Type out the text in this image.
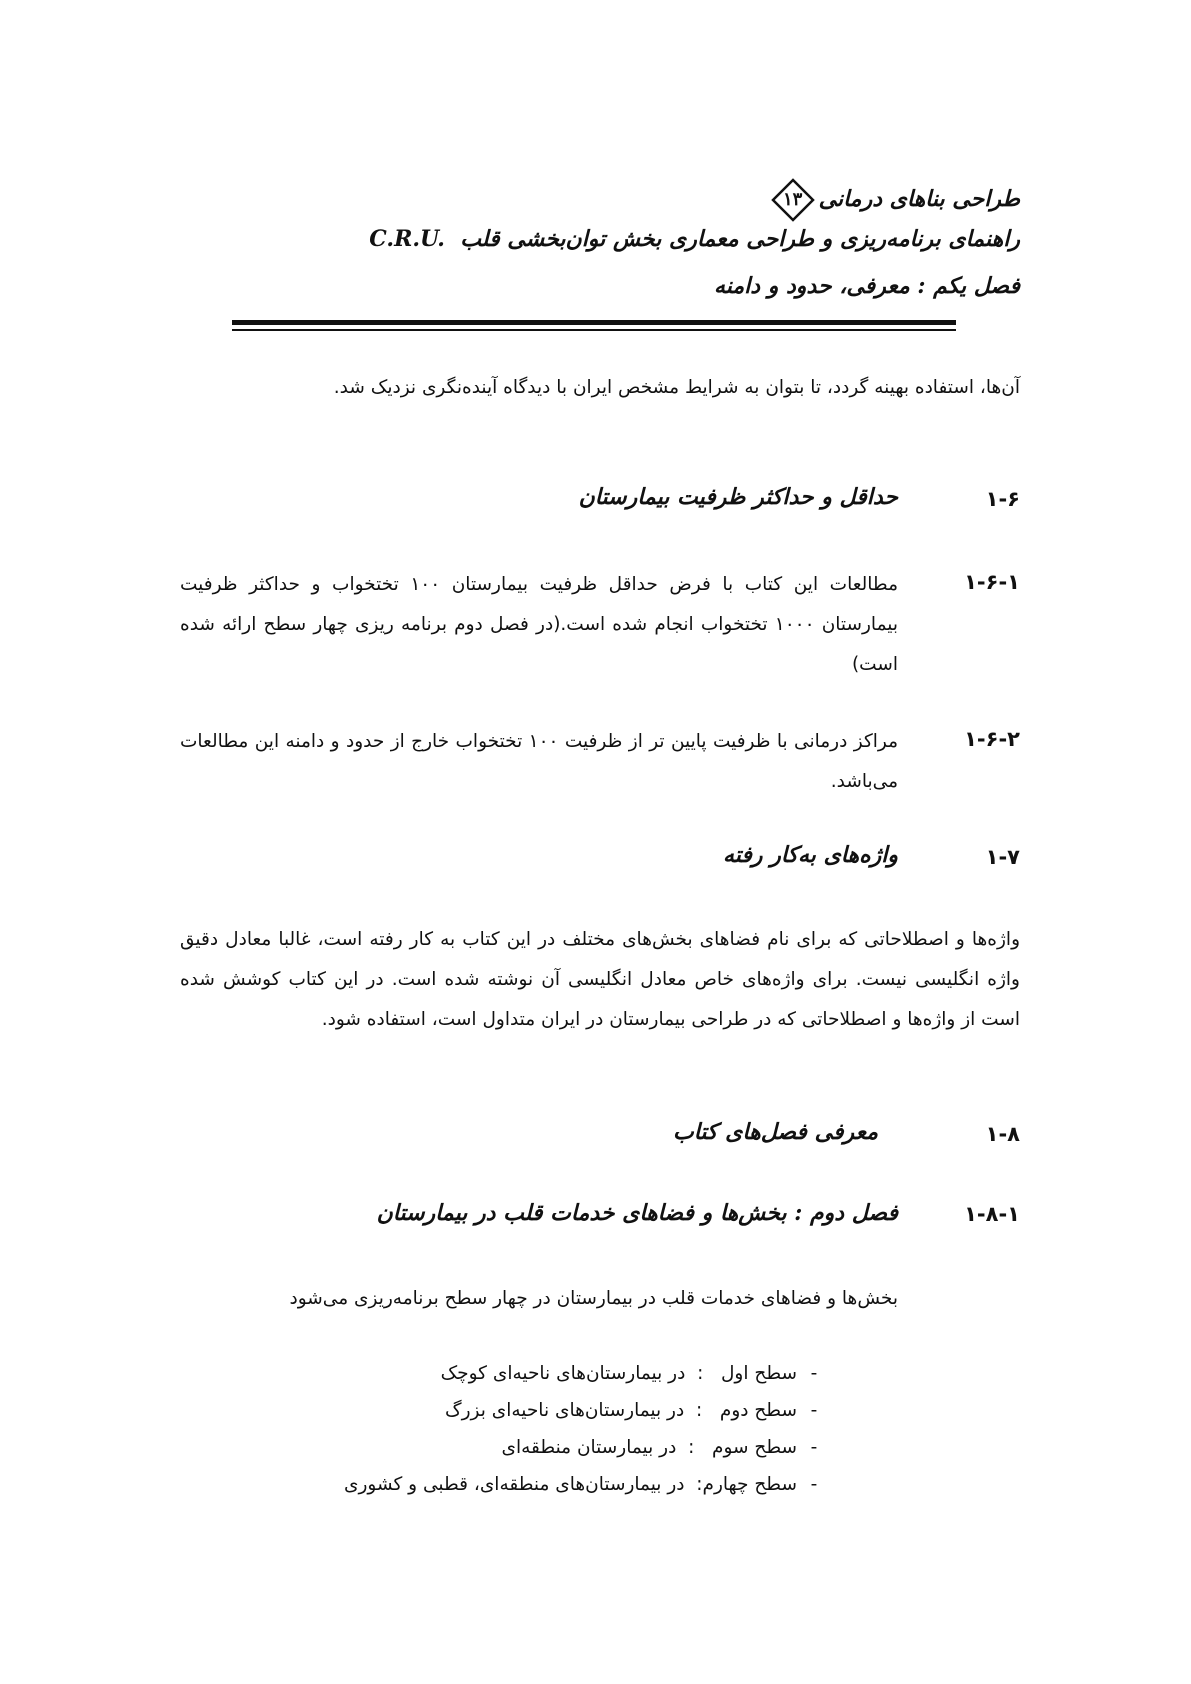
طراحی بناهای درمانی
۱۳
راهنمای برنامه‌ریزی و طراحی معماری بخش توان‌بخشی قلب  C.R.U.
فصل یکم : معرفی، حدود و دامنه
آن‌ها، استفاده بهینه گردد، تا بتوان به شرایط مشخص ایران با دیدگاه آینده‌نگری نزدیک شد.
۱-۶
حداقل و حداکثر ظرفیت بیمارستان
۱-۶-۱
مطالعات این کتاب با فرض حداقل ظرفیت بیمارستان ۱۰۰ تختخواب و حداکثر ظرفیت بیمارستان ۱۰۰۰ تختخواب انجام شده است.(در فصل دوم برنامه ریزی چهار سطح ارائه شده است)
۱-۶-۲
مراکز درمانی با ظرفیت پایین تر از ظرفیت ۱۰۰ تختخواب خارج از حدود و دامنه این مطالعات می‌باشد.
۱-۷
واژه‌های به‌کار رفته
واژه‌ها و اصطلاحاتی که برای نام فضاهای بخش‌های مختلف در این کتاب به کار رفته است، غالبا معادل دقیق واژه انگلیسی نیست. برای واژه‌های خاص معادل انگلیسی آن نوشته شده است. در این کتاب کوشش شده است از واژه‌ها و اصطلاحاتی که در طراحی بیمارستان در ایران متداول است، استفاده شود.
۱-۸
معرفی فصل‌های کتاب
۱-۸-۱
فصل دوم : بخش‌ها و فضاهای خدمات قلب در بیمارستان
بخش‌ها و فضاهای خدمات قلب در بیمارستان در چهار سطح برنامه‌ریزی می‌شود
-سطح اول   :  در بیمارستان‌های ناحیه‌ای کوچک
-سطح دوم   :  در بیمارستان‌های ناحیه‌ای بزرگ
-سطح سوم   :  در بیمارستان منطقه‌ای
-سطح چهارم:  در بیمارستان‌های منطقه‌ای، قطبی و کشوری
